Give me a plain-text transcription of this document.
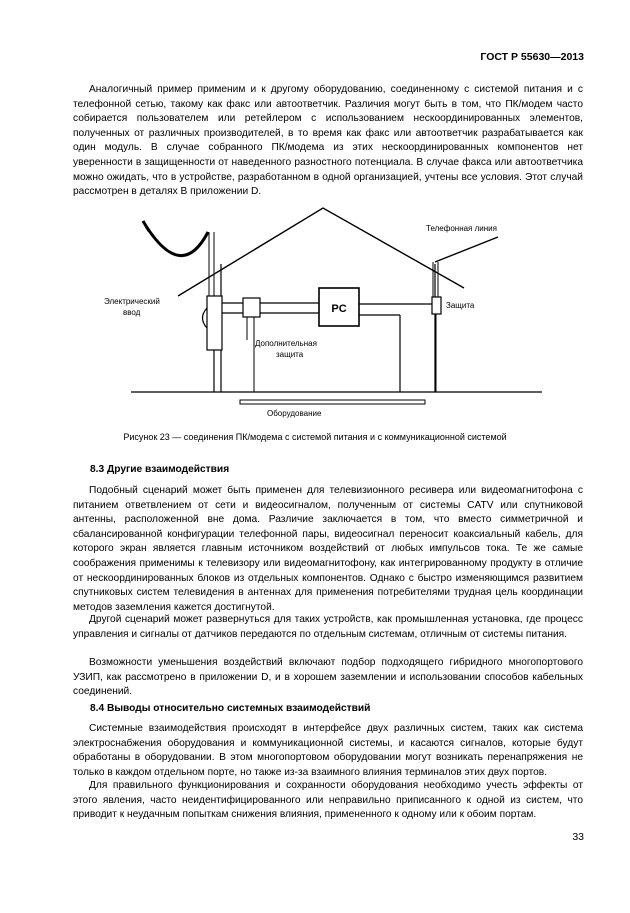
ГОСТ Р 55630—2013

Аналогичный пример применим и к другому оборудованию, соединенному с системой питания и с телефонной сетью, такому как факс или автоответчик. Различия могут быть в том, что ПК/модем часто собирается пользователем или ретейлером с использованием нескоординированных элементов, полученных от различных производителей, в то время как факс или автоответчик разрабатывается как один модуль. В случае собранного ПК/модема из этих нескоординированных компонентов нет уверенности в защищенности от наведенного разностного потенциала. В случае факса или автоответчика можно ожидать, что в устройстве, разработанном в одной организацией, учтены все условия. Этот случай рассмотрен в деталях В приложении D.

PC
Телефонная линия
Электрический
ввод
Защита
Дополнительная
защита
Оборудование
Рисунок 23 — соединения ПК/модема с системой питания и с коммуникационной системой
8.3 Другие взаимодействия

Подобный сценарий может быть применен для телевизионного ресивера или видеомагнитофона с питанием ответвлением от сети и видеосигналом, полученным от системы CATV или спутниковой антенны, расположенной вне дома. Различие заключается в том, что вместо симметричной и сбалансированной конфигурации телефонной пары, видеосигнал переносит коаксиальный кабель, для которого экран является главным источником воздействий от любых импульсов тока. Те же самые соображения применимы к телевизору или видеомагнитофону, как интегрированному продукту в отличие от нескоординированных блоков из отдельных компонентов. Однако с быстро изменяющимся развитием спутниковых систем телевидения в антеннах для применения потребителями трудная цель координации методов заземления кажется достигнутой.

Другой сценарий может развернуться для таких устройств, как промышленная установка, где процесс управления и сигналы от датчиков передаются по отдельным системам, отличным от системы питания.

Возможности уменьшения воздействий включают подбор подходящего гибридного многопортового УЗИП, как рассмотрено в приложении D, и в хорошем заземлении и использовании способов кабельных соединений.

8.4 Выводы относительно системных взаимодействий

Системные взаимодействия происходят в интерфейсе двух различных систем, таких как система электроснабжения оборудования и коммуникационной системы, и касаются сигналов, которые будут обработаны в оборудовании. В этом многопортовом оборудовании могут возникать перенапряжения не только в каждом отдельном порте, но также из-за взаимного влияния терминалов этих двух портов.

Для правильного функционирования и сохранности оборудования необходимо учесть эффекты от этого явления, часто неидентифицированного или неправильно приписанного к одной из систем, что приводит к неудачным попыткам снижения влияния, примененного к одному или к обоим портам.

33
